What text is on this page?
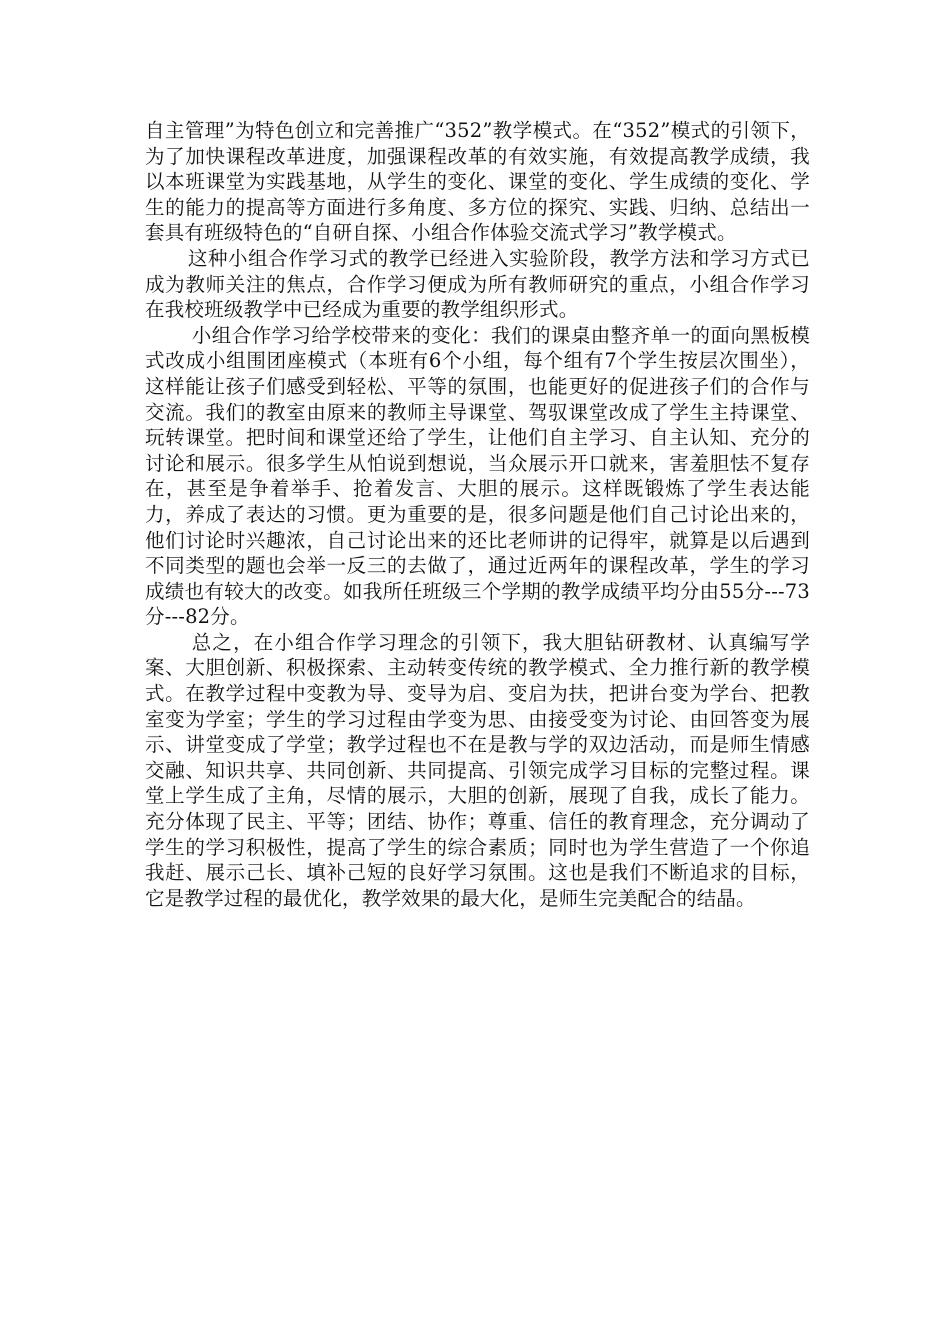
自主管理”为特色创立和完善推广“352”教学模式。在“352”模式的引领下，为了加快课程改革进度，加强课程改革的有效实施，有效提高教学成绩，我以本班课堂为实践基地，从学生的变化、课堂的变化、学生成绩的变化、学生的能力的提高等方面进行多角度、多方位的探究、实践、归纳、总结出一套具有班级特色的“自研自探、小组合作体验交流式学习”教学模式。

这种小组合作学习式的教学已经进入实验阶段，教学方法和学习方式已成为教师关注的焦点，合作学习便成为所有教师研究的重点，小组合作学习在我校班级教学中已经成为重要的教学组织形式。

小组合作学习给学校带来的变化：我们的课桌由整齐单一的面向黑板模式改成小组围团座模式（本班有6个小组，每个组有7个学生按层次围坐），这样能让孩子们感受到轻松、平等的氛围，也能更好的促进孩子们的合作与交流。我们的教室由原来的教师主导课堂、驾驭课堂改成了学生主持课堂、玩转课堂。把时间和课堂还给了学生，让他们自主学习、自主认知、充分的讨论和展示。很多学生从怕说到想说，当众展示开口就来，害羞胆怯不复存在，甚至是争着举手、抢着发言、大胆的展示。这样既锻炼了学生表达能力，养成了表达的习惯。更为重要的是，很多问题是他们自己讨论出来的，他们讨论时兴趣浓，自己讨论出来的还比老师讲的记得牢，就算是以后遇到不同类型的题也会举一反三的去做了，通过近两年的课程改革，学生的学习成绩也有较大的改变。如我所任班级三个学期的教学成绩平均分由55分---73分---82分。

总之，在小组合作学习理念的引领下，我大胆钻研教材、认真编写学案、大胆创新、积极探索、主动转变传统的教学模式、全力推行新的教学模式。在教学过程中变教为导、变导为启、变启为扶，把讲台变为学台、把教室变为学室；学生的学习过程由学变为思、由接受变为讨论、由回答变为展示、讲堂变成了学堂；教学过程也不在是教与学的双边活动，而是师生情感交融、知识共享、共同创新、共同提高、引领完成学习目标的完整过程。课堂上学生成了主角，尽情的展示，大胆的创新，展现了自我，成长了能力。充分体现了民主、平等；团结、协作；尊重、信任的教育理念，充分调动了学生的学习积极性，提高了学生的综合素质；同时也为学生营造了一个你追我赶、展示己长、填补己短的良好学习氛围。这也是我们不断追求的目标，它是教学过程的最优化，教学效果的最大化，是师生完美配合的结晶。
